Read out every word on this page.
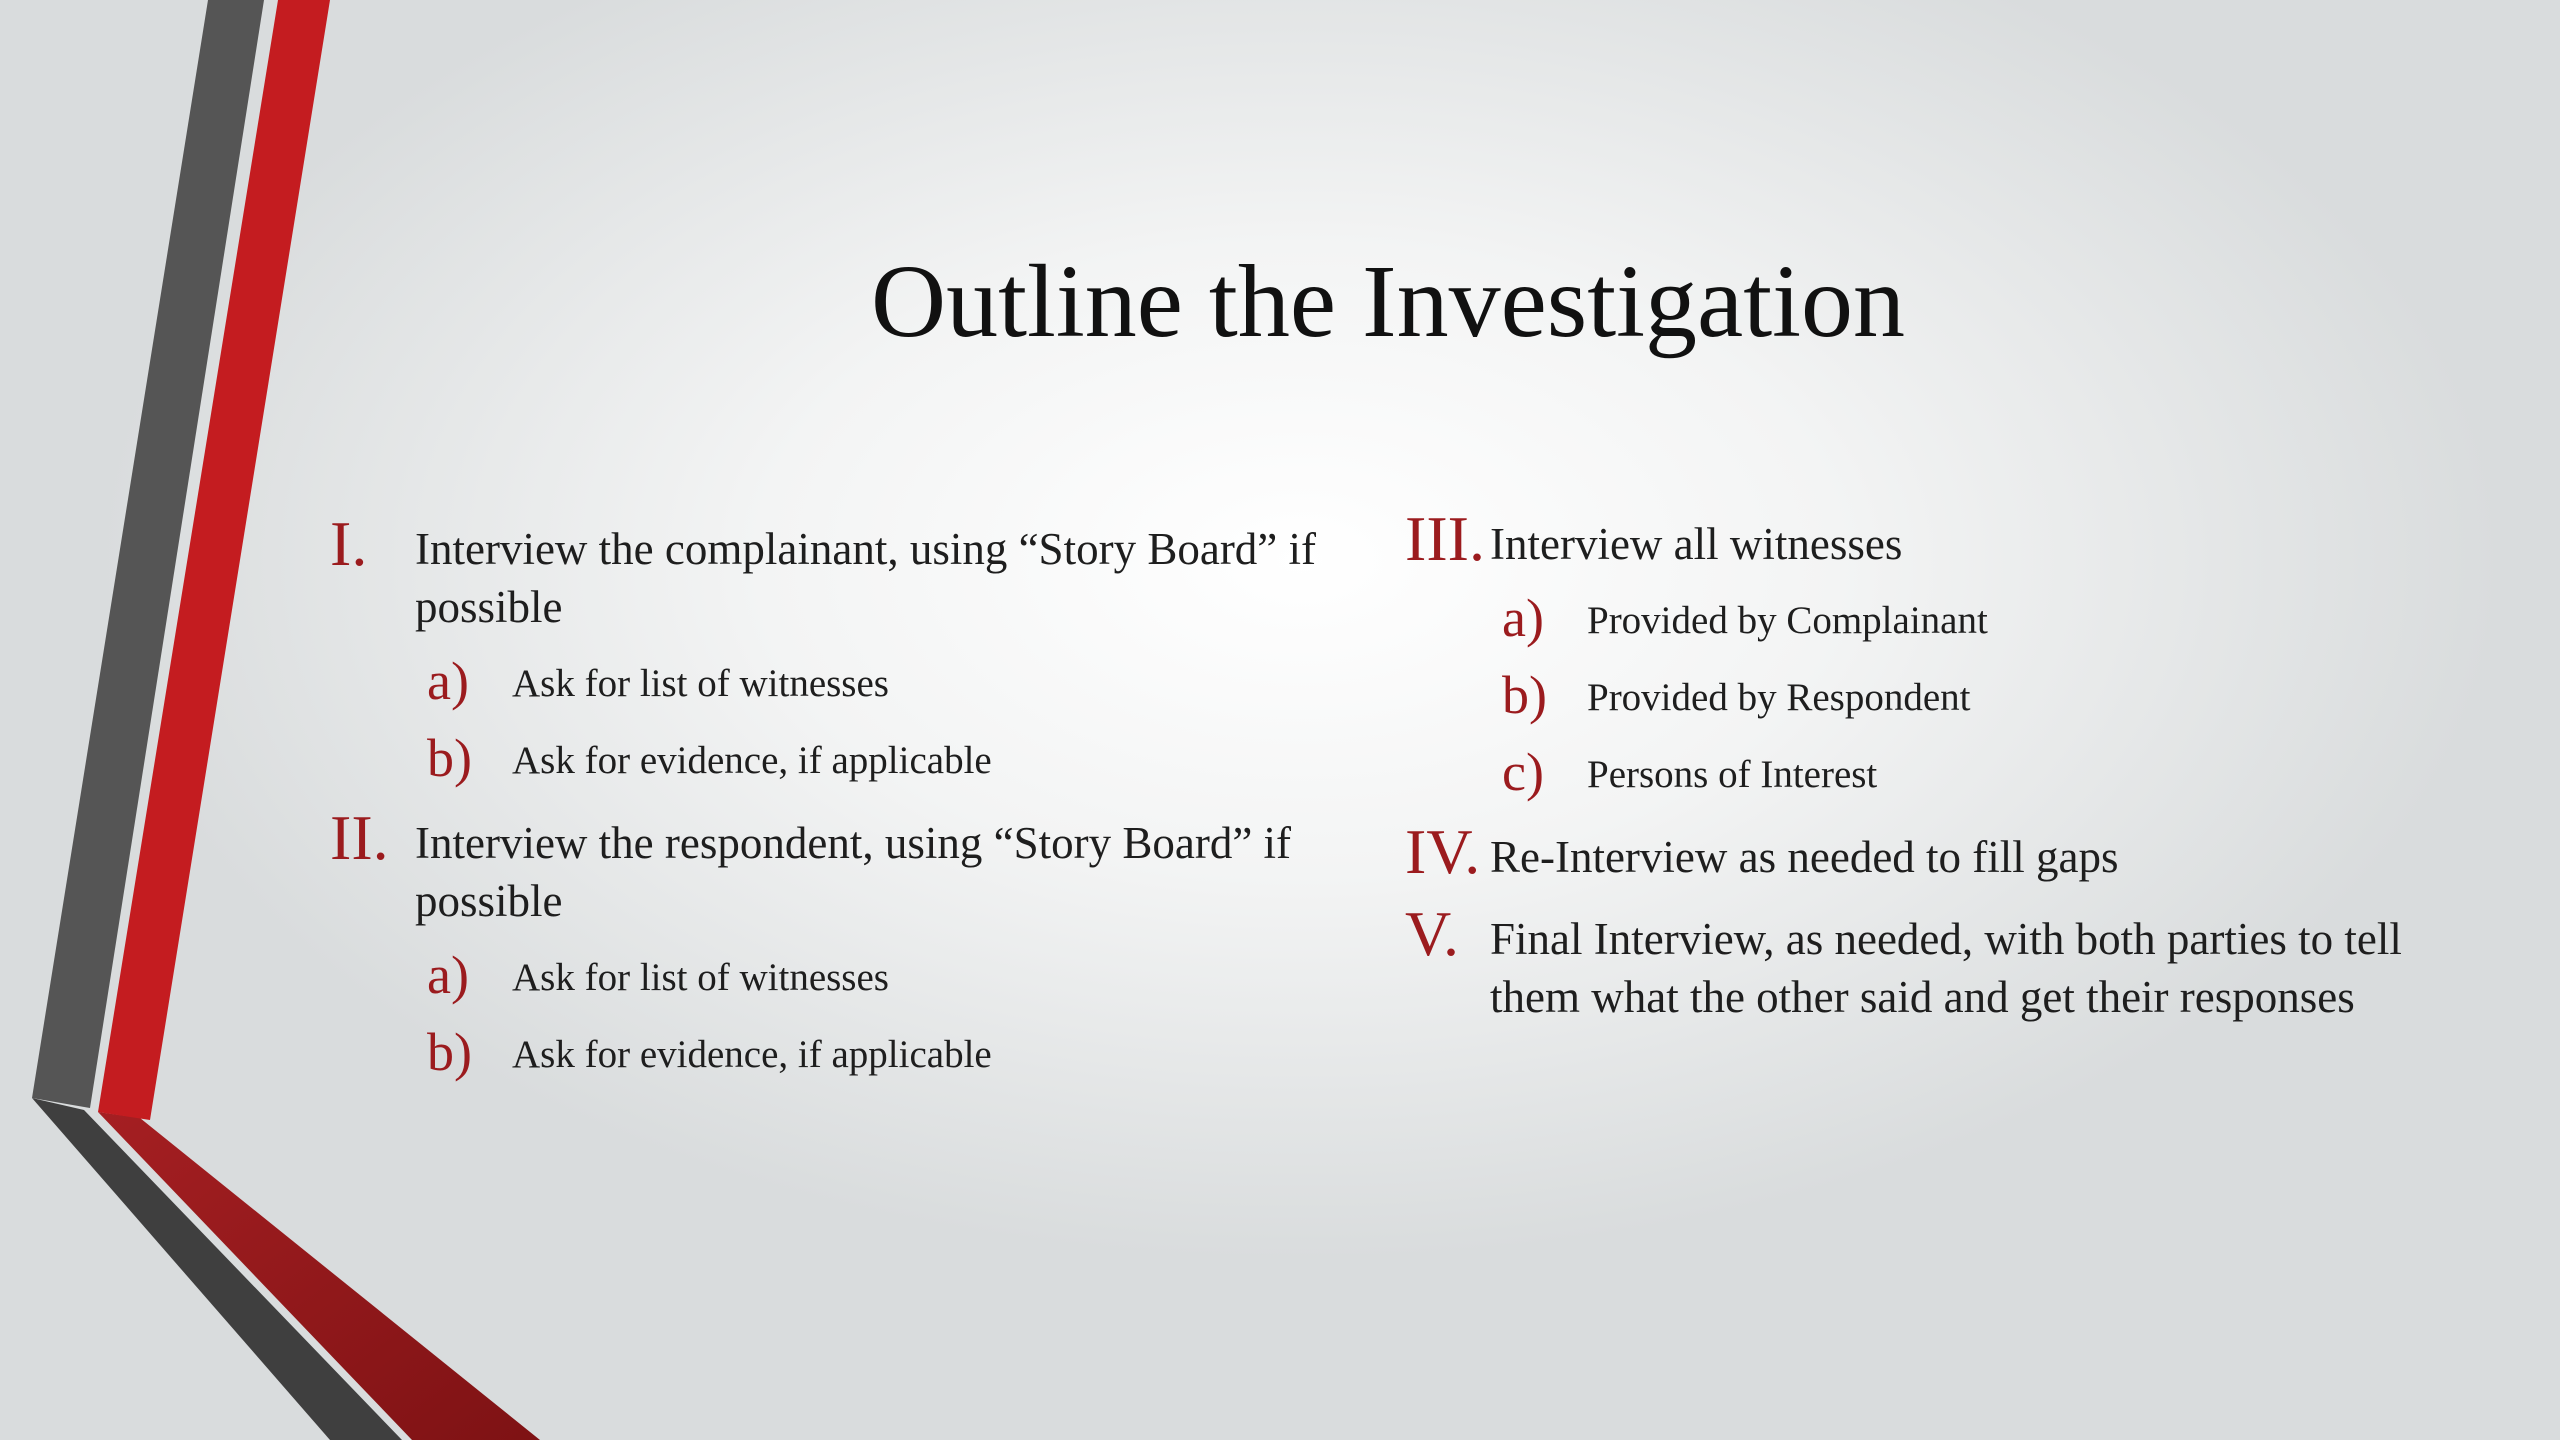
Outline the Investigation
I. Interview the complainant, using “Story Board” if possible
a) Ask for list of witnesses
b) Ask for evidence, if applicable
II. Interview the respondent, using “Story Board” if possible
a) Ask for list of witnesses
b) Ask for evidence, if applicable
III. Interview all witnesses
a) Provided by Complainant
b) Provided by Respondent
c) Persons of Interest
IV. Re-Interview as needed to fill gaps
V. Final Interview, as needed, with both parties to tell them what the other said and get their responses
